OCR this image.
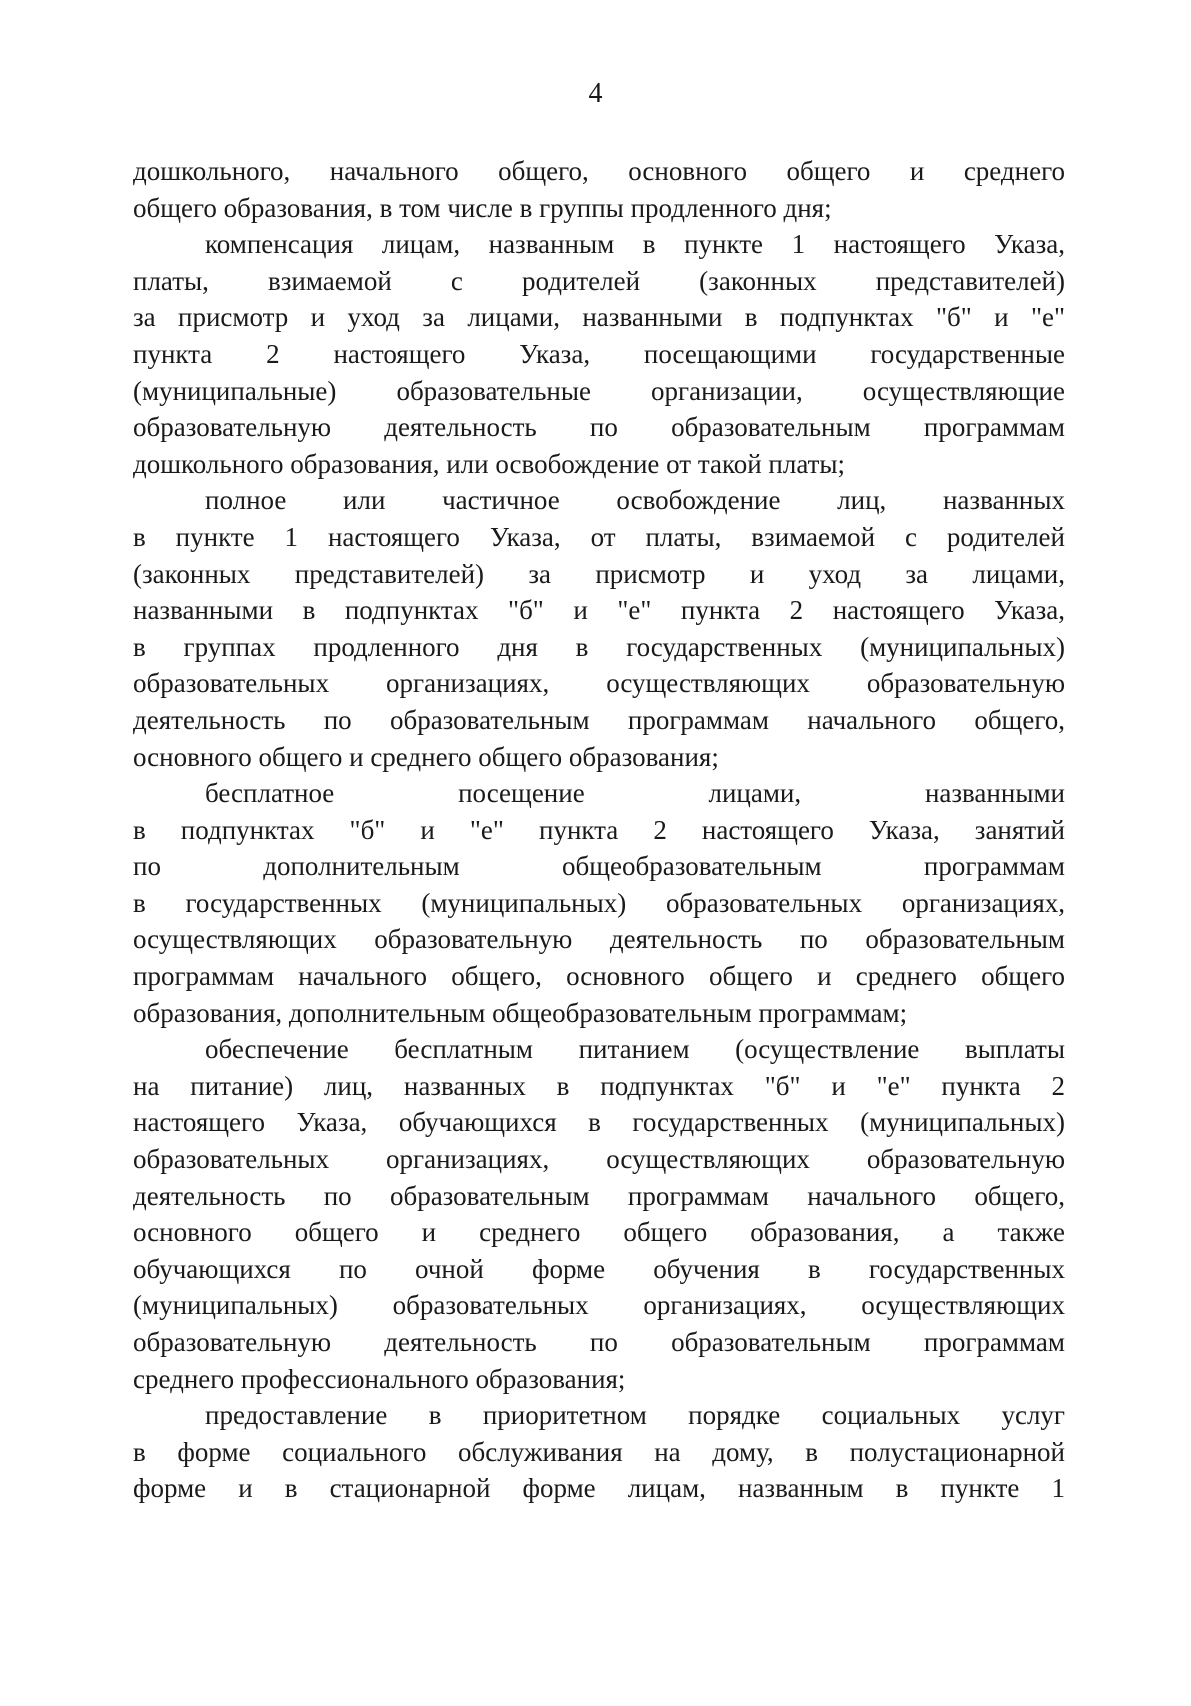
4
дошкольного, начального общего, основного общего и среднего
общего образования, в том числе в группы продленного дня;
компенсация лицам, названным в пункте 1 настоящего Указа,
платы, взимаемой с родителей (законных представителей)
за присмотр и уход за лицами, названными в подпунктах "б" и "е"
пункта 2 настоящего Указа, посещающими государственные
(муниципальные) образовательные организации, осуществляющие
образовательную деятельность по образовательным программам
дошкольного образования, или освобождение от такой платы;
полное или частичное освобождение лиц, названных
в пункте 1 настоящего Указа, от платы, взимаемой с родителей
(законных представителей) за присмотр и уход за лицами,
названными в подпунктах "б" и "е" пункта 2 настоящего Указа,
в группах продленного дня в государственных (муниципальных)
образовательных организациях, осуществляющих образовательную
деятельность по образовательным программам начального общего,
основного общего и среднего общего образования;
бесплатное посещение лицами, названными
в подпунктах "б" и "е" пункта 2 настоящего Указа, занятий
по дополнительным общеобразовательным программам
в государственных (муниципальных) образовательных организациях,
осуществляющих образовательную деятельность по образовательным
программам начального общего, основного общего и среднего общего
образования, дополнительным общеобразовательным программам;
обеспечение бесплатным питанием (осуществление выплаты
на питание) лиц, названных в подпунктах "б" и "е" пункта 2
настоящего Указа, обучающихся в государственных (муниципальных)
образовательных организациях, осуществляющих образовательную
деятельность по образовательным программам начального общего,
основного общего и среднего общего образования, а также
обучающихся по очной форме обучения в государственных
(муниципальных) образовательных организациях, осуществляющих
образовательную деятельность по образовательным программам
среднего профессионального образования;
предоставление в приоритетном порядке социальных услуг
в форме социального обслуживания на дому, в полустационарной
форме и в стационарной форме лицам, названным в пункте 1
